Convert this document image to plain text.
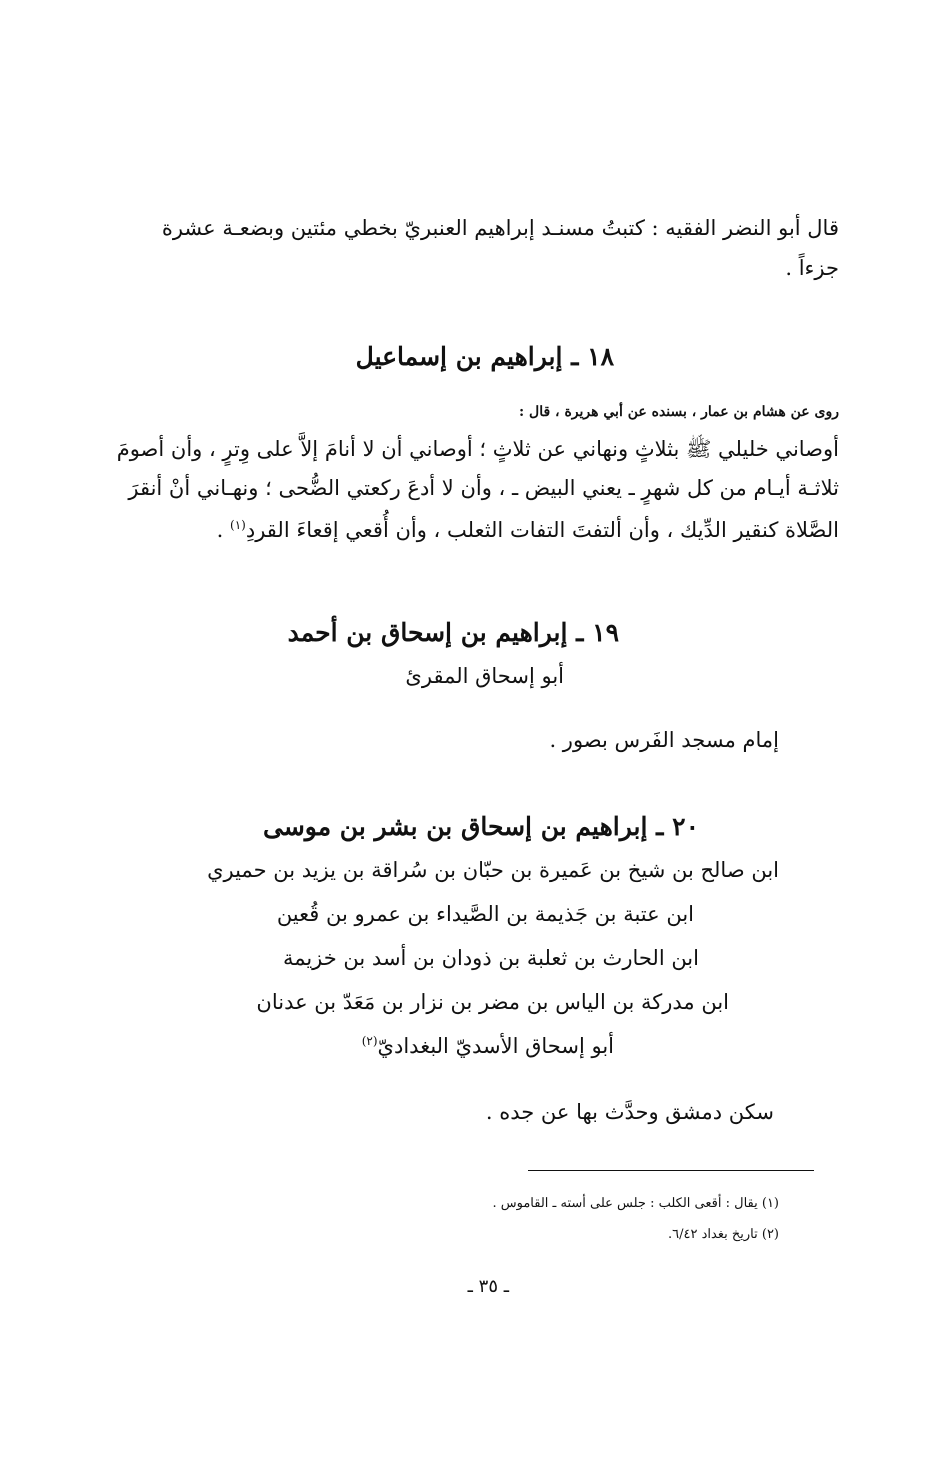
قال أبو النضر الفقيه : كتبتُ مسنـد إبراهيم العنبريّ بخطي مئتين وبضعـة عشرة
جزءاً .
١٨ ـ إبراهيم بن إسماعيل
روى عن هشام بن عمار ، بسنده عن أبي هريرة ، قال :
أوصاني خليلي ﷺ بثلاثٍ ونهاني عن ثلاثٍ ؛ أوصاني أن لا أنامَ إلاَّ على وِترٍ ، وأن أصومَ
ثلاثـة أيـام من كل شهرٍ ـ يعني البيض ـ ، وأن لا أدعَ ركعتي الضُّحى ؛ ونهـاني أنْ أنقرَ
الصَّلاة كنقير الدِّيك ، وأن ألتفتَ التفات الثعلب ، وأن أُقعي إقعاءَ القردِ$^{(١)}$ .
١٩ ـ إبراهيم بن إسحاق بن أحمد
أبو إسحاق المقرئ
إمام مسجد الفَرس بصور .
٢٠ ـ إبراهيم بن إسحاق بن بشر بن موسى
ابن صالح بن شيخ بن عَميرة بن حبّان بن سُراقة بن يزيد بن حميري
ابن عتبة بن جَذيمة بن الصَّيداء بن عمرو بن قُعين
ابن الحارث بن ثعلبة بن ذودان بن أسد بن خزيمة
ابن مدركة بن الياس بن مضر بن نزار بن مَعَدّ بن عدنان
أبو إسحاق الأسديّ البغداديّ$^{(٢)}$
سكن دمشق وحدَّث بها عن جده .
(١) يقال : أقعى الكلب : جلس على أسته ـ القاموس .
(٢) تاريخ بغداد ٦/٤٢.
ـ ٣٥ ـ
